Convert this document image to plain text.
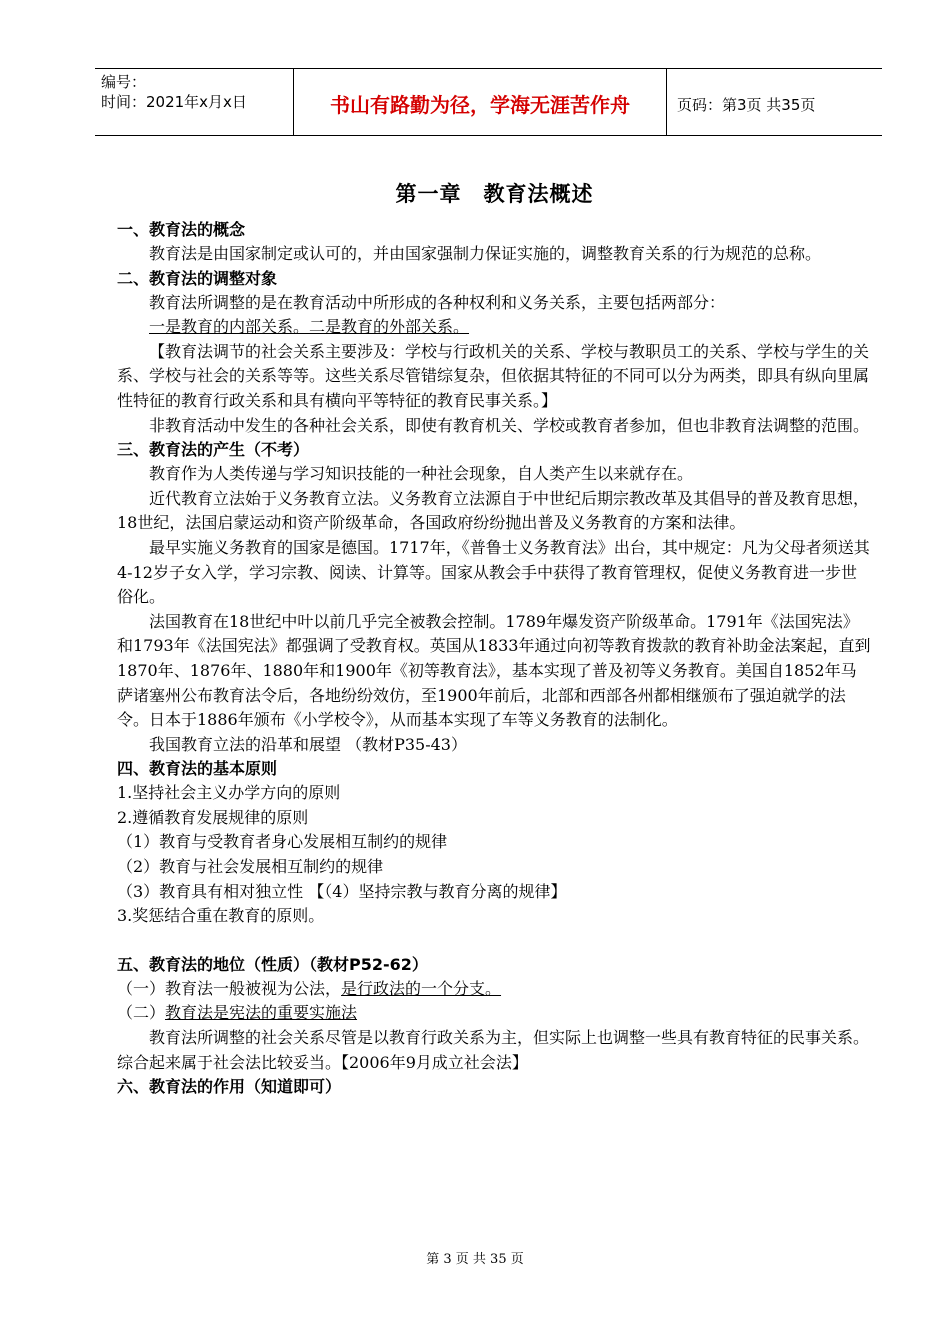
编号：
时间：2021年x月x日	书山有路勤为径，学海无涯苦作舟	页码：第3页 共35页
第一章　教育法概述
一、教育法的概念

教育法是由国家制定或认可的，并由国家强制力保证实施的，调整教育关系的行为规范的总称。

二、教育法的调整对象

教育法所调整的是在教育活动中所形成的各种权利和义务关系，主要包括两部分：

一是教育的内部关系。二是教育的外部关系。

【教育法调节的社会关系主要涉及：学校与行政机关的关系、学校与教职员工的关系、学校与学生的关系、学校与社会的关系等等。这些关系尽管错综复杂，但依据其特征的不同可以分为两类，即具有纵向里属性特征的教育行政关系和具有横向平等特征的教育民事关系。】

非教育活动中发生的各种社会关系，即使有教育机关、学校或教育者参加，但也非教育法调整的范围。

三、教育法的产生（不考）

教育作为人类传递与学习知识技能的一种社会现象，自人类产生以来就存在。

近代教育立法始于义务教育立法。义务教育立法源自于中世纪后期宗教改革及其倡导的普及教育思想，18世纪，法国启蒙运动和资产阶级革命，各国政府纷纷抛出普及义务教育的方案和法律。

最早实施义务教育的国家是德国。1717年，《普鲁士义务教育法》出台，其中规定：凡为父母者须送其4-12岁子女入学，学习宗教、阅读、计算等。国家从教会手中获得了教育管理权，促使义务教育进一步世俗化。

法国教育在18世纪中叶以前几乎完全被教会控制。1789年爆发资产阶级革命。1791年《法国宪法》和1793年《法国宪法》都强调了受教育权。英国从1833年通过向初等教育拨款的教育补助金法案起，直到1870年、1876年、1880年和1900年《初等教育法》，基本实现了普及初等义务教育。美国自1852年马萨诸塞州公布教育法令后，各地纷纷效仿，至1900年前后，北部和西部各州都相继颁布了强迫就学的法令。日本于1886年颁布《小学校令》，从而基本实现了车等义务教育的法制化。

我国教育立法的沿革和展望 （教材P35-43）

四、教育法的基本原则

1.坚持社会主义办学方向的原则

2.遵循教育发展规律的原则

（1）教育与受教育者身心发展相互制约的规律

（2）教育与社会发展相互制约的规律

（3）教育具有相对独立性 【（4）坚持宗教与教育分离的规律】

3.奖惩结合重在教育的原则。

五、教育法的地位（性质）（教材P52-62）

（一）教育法一般被视为公法，是行政法的一个分支。

（二）教育法是宪法的重要实施法

教育法所调整的社会关系尽管是以教育行政关系为主，但实际上也调整一些具有教育特征的民事关系。综合起来属于社会法比较妥当。【2006年9月成立社会法】

六、教育法的作用（知道即可）
第 3 页 共 35 页
